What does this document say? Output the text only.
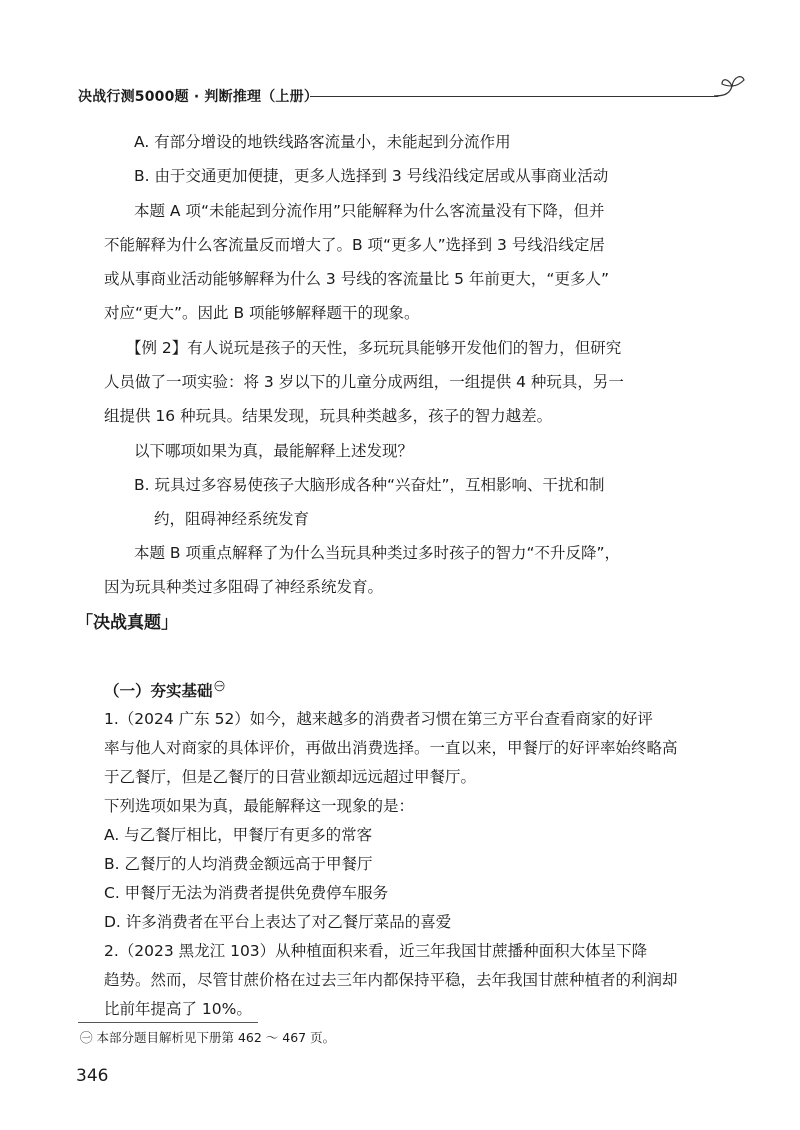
决战行测5000题 · 判断推理（上册）
A. 有部分增设的地铁线路客流量小，未能起到分流作用
B. 由于交通更加便捷，更多人选择到 3 号线沿线定居或从事商业活动
本题 A 项“未能起到分流作用”只能解释为什么客流量没有下降，但并
不能解释为什么客流量反而增大了。B 项“更多人”选择到 3 号线沿线定居
或从事商业活动能够解释为什么 3 号线的客流量比 5 年前更大，“更多人”
对应“更大”。因此 B 项能够解释题干的现象。
【例 2】有人说玩是孩子的天性，多玩玩具能够开发他们的智力，但研究
人员做了一项实验：将 3 岁以下的儿童分成两组，一组提供 4 种玩具，另一
组提供 16 种玩具。结果发现，玩具种类越多，孩子的智力越差。
以下哪项如果为真，最能解释上述发现？
B. 玩具过多容易使孩子大脑形成各种“兴奋灶”，互相影响、干扰和制
约，阻碍神经系统发育
本题 B 项重点解释了为什么当玩具种类过多时孩子的智力“不升反降”，
因为玩具种类过多阻碍了神经系统发育。
「决战真题」
（一）夯实基础 $^㊀$
1.（2024 广东 52）如今，越来越多的消费者习惯在第三方平台查看商家的好评
率与他人对商家的具体评价，再做出消费选择。一直以来，甲餐厅的好评率始终略高
于乙餐厅，但是乙餐厅的日营业额却远远超过甲餐厅。
下列选项如果为真，最能解释这一现象的是：
A. 与乙餐厅相比，甲餐厅有更多的常客
B. 乙餐厅的人均消费金额远高于甲餐厅
C. 甲餐厅无法为消费者提供免费停车服务
D. 许多消费者在平台上表达了对乙餐厅菜品的喜爱
2.（2023 黑龙江 103）从种植面积来看，近三年我国甘蔗播种面积大体呈下降
趋势。然而，尽管甘蔗价格在过去三年内都保持平稳，去年我国甘蔗种植者的利润却
比前年提高了 10%。
㊀ 本部分题目解析见下册第 462 ～ 467 页。
346
